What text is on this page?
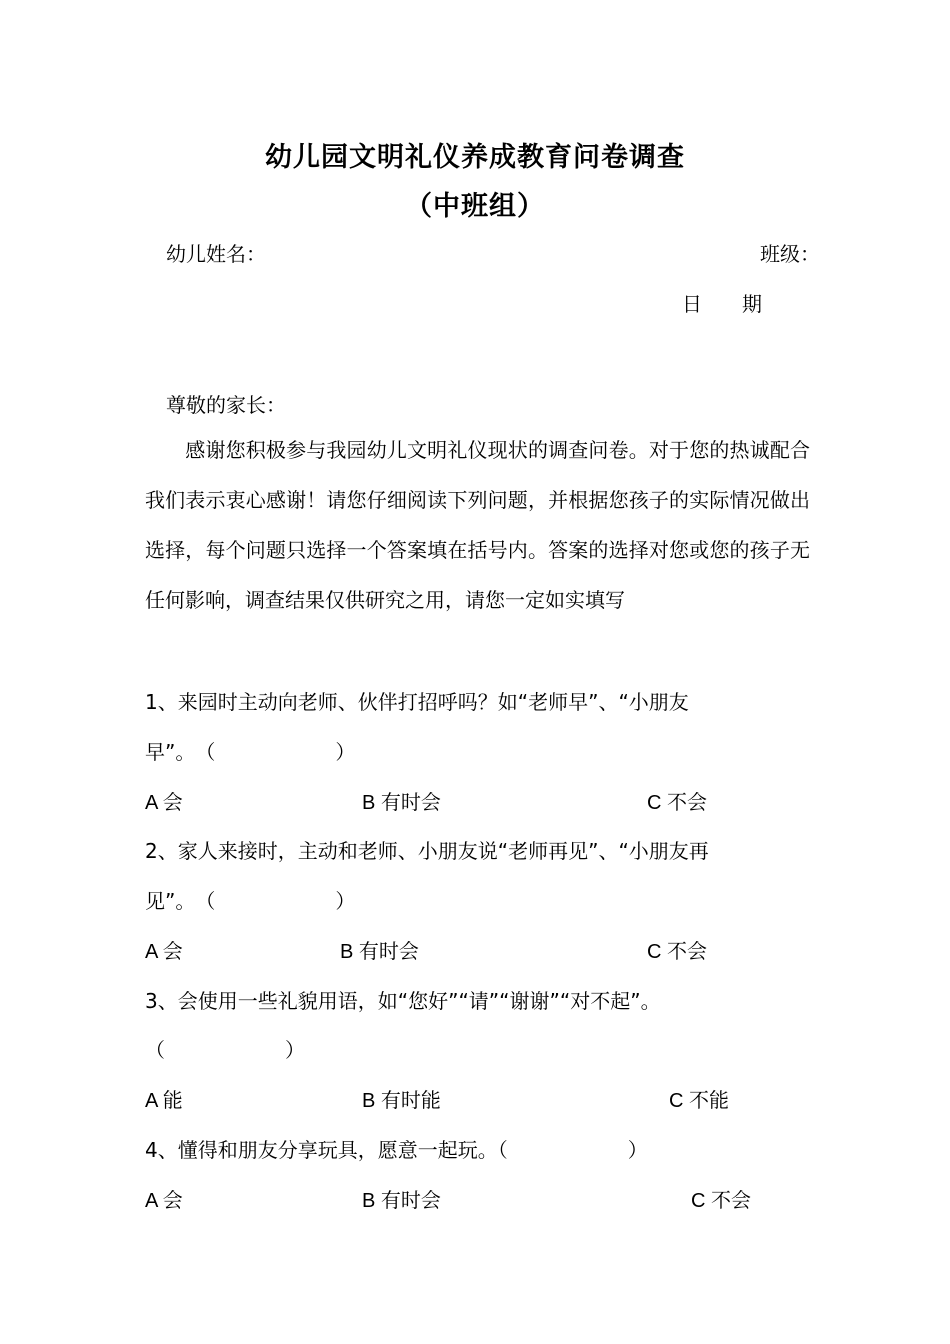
幼儿园文明礼仪养成教育问卷调查
（中班组）
幼儿姓名：	班级：
日　　期
尊敬的家长：
　　感谢您积极参与我园幼儿文明礼仪现状的调查问卷。对于您的热诚配合我们表示衷心感谢！请您仔细阅读下列问题，并根据您孩子的实际情况做出选择，每个问题只选择一个答案填在括号内。答案的选择对您或您的孩子无任何影响，调查结果仅供研究之用，请您一定如实填写
1、来园时主动向老师、伙伴打招呼吗？如“老师早”、“小朋友
早”。　（　　　　　　）
A 会	B 有时会	C 不会
2、家人来接时，主动和老师、小朋友说“老师再见”、“小朋友再
见”。　（　　　　　　）
A 会	B 有时会	C 不会
3、会使用一些礼貌用语，如“您好”“请”“谢谢”“对不起”。
（　　　　　　）
A 能	B 有时能	C 不能
4、懂得和朋友分享玩具，愿意一起玩。（　　　　　　）
A 会	B 有时会	C 不会
